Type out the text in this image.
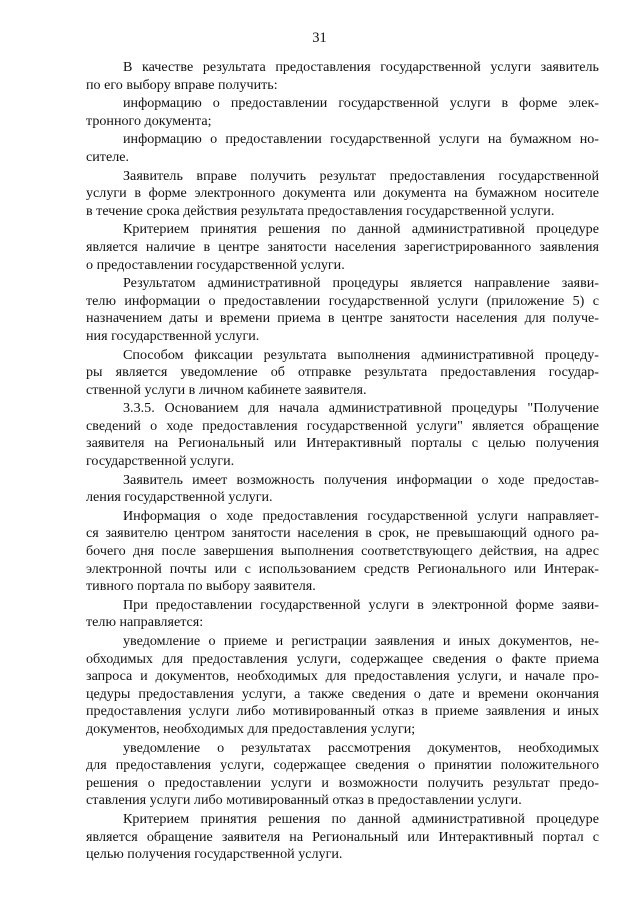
31
В качестве результата предоставления государственной услуги заявитель
по его выбору вправе получить:
информацию о предоставлении государственной услуги в форме элек-
тронного документа;
информацию о предоставлении государственной услуги на бумажном но-
сителе.
Заявитель вправе получить результат предоставления государственной
услуги в форме электронного документа или документа на бумажном носителе
в течение срока действия результата предоставления государственной услуги.
Критерием принятия решения по данной административной процедуре
является наличие в центре занятости населения зарегистрированного заявления
о предоставлении государственной услуги.
Результатом административной процедуры является направление заяви-
телю информации о предоставлении государственной услуги (приложение 5) с
назначением даты и времени приема в центре занятости населения для получе-
ния государственной услуги.
Способом фиксации результата выполнения административной процеду-
ры является уведомление об отправке результата предоставления государ-
ственной услуги в личном кабинете заявителя.
3.3.5. Основанием для начала административной процедуры "Получение
сведений о ходе предоставления государственной услуги" является обращение
заявителя на Региональный или Интерактивный порталы с целью получения
государственной услуги.
Заявитель имеет возможность получения информации о ходе предостав-
ления государственной услуги.
Информация о ходе предоставления государственной услуги направляет-
ся заявителю центром занятости населения в срок, не превышающий одного ра-
бочего дня после завершения выполнения соответствующего действия, на адрес
электронной почты или с использованием средств Регионального или Интерак-
тивного портала по выбору заявителя.
При предоставлении государственной услуги в электронной форме заяви-
телю направляется:
уведомление о приеме и регистрации заявления и иных документов, не-
обходимых для предоставления услуги, содержащее сведения о факте приема
запроса и документов, необходимых для предоставления услуги, и начале про-
цедуры предоставления услуги, а также сведения о дате и времени окончания
предоставления услуги либо мотивированный отказ в приеме заявления и иных
документов, необходимых для предоставления услуги;
уведомление о результатах рассмотрения документов, необходимых
для предоставления услуги, содержащее сведения о принятии положительного
решения о предоставлении услуги и возможности получить результат предо-
ставления услуги либо мотивированный отказ в предоставлении услуги.
Критерием принятия решения по данной административной процедуре
является обращение заявителя на Региональный или Интерактивный портал с
целью получения государственной услуги.
